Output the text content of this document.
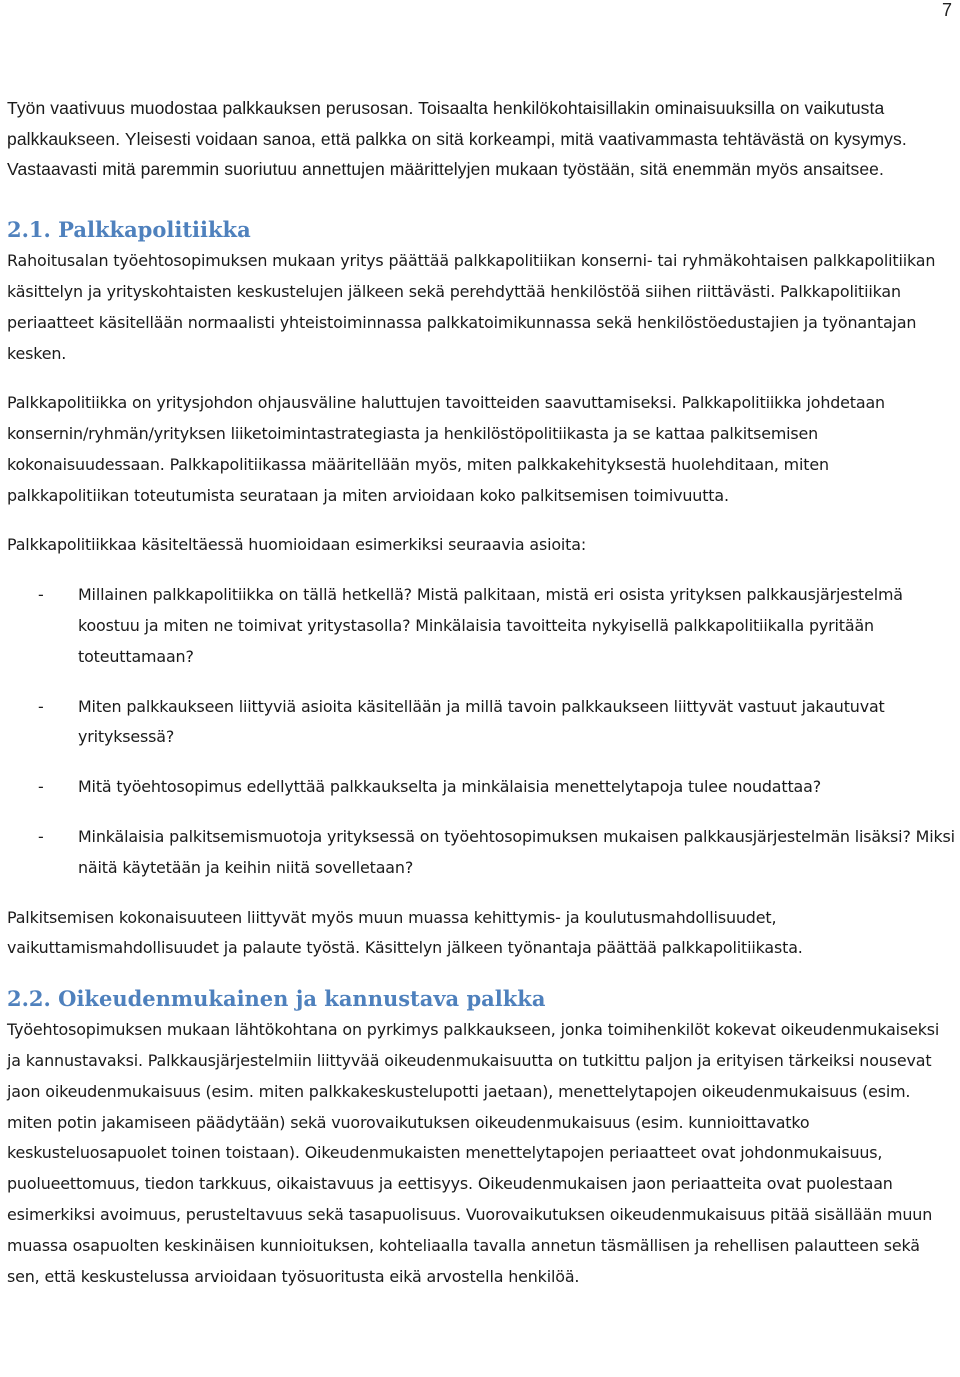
7

Työn vaativuus muodostaa palkkauksen perusosan. Toisaalta henkilökohtaisillakin ominaisuuksilla on vaikutusta palkkaukseen. Yleisesti voidaan sanoa, että palkka on sitä korkeampi, mitä vaativammasta tehtävästä on kysymys. Vastaavasti mitä paremmin suoriutuu annettujen määrittelyjen mukaan työstään, sitä enemmän myös ansaitsee.

2.1. Palkkapolitiikka

Rahoitusalan työehtosopimuksen mukaan yritys päättää palkkapolitiikan konserni- tai ryhmäkohtaisen palkkapolitiikan käsittelyn ja yrityskohtaisten keskustelujen jälkeen sekä perehdyttää henkilöstöä siihen riittävästi. Palkkapolitiikan periaatteet käsitellään normaalisti yhteistoiminnassa palkkatoimikunnassa sekä henkilöstöedustajien ja työnantajan kesken.

Palkkapolitiikka on yritysjohdon ohjausväline haluttujen tavoitteiden saavuttamiseksi. Palkkapolitiikka johdetaan konsernin/ryhmän/yrityksen liiketoimintastrategiasta ja henkilöstöpolitiikasta ja se kattaa palkitsemisen kokonaisuudessaan. Palkkapolitiikassa määritellään myös, miten palkkakehityksestä huolehditaan, miten palkkapolitiikan toteutumista seurataan ja miten arvioidaan koko palkitsemisen toimivuutta.

Palkkapolitiikkaa käsiteltäessä huomioidaan esimerkiksi seuraavia asioita:

- Millainen palkkapolitiikka on tällä hetkellä? Mistä palkitaan, mistä eri osista yrityksen palkkausjärjestelmä koostuu ja miten ne toimivat yritystasolla? Minkälaisia tavoitteita nykyisellä palkkapolitiikalla pyritään toteuttamaan?
- Miten palkkaukseen liittyviä asioita käsitellään ja millä tavoin palkkaukseen liittyvät vastuut jakautuvat yrityksessä?
- Mitä työehtosopimus edellyttää palkkaukselta ja minkälaisia menettelytapoja tulee noudattaa?
- Minkälaisia palkitsemismuotoja yrityksessä on työehtosopimuksen mukaisen palkkausjärjestelmän lisäksi? Miksi näitä käytetään ja keihin niitä sovelletaan?

Palkitsemisen kokonaisuuteen liittyvät myös muun muassa kehittymis- ja koulutusmahdollisuudet, vaikuttamismahdollisuudet ja palaute työstä. Käsittelyn jälkeen työnantaja päättää palkkapolitiikasta.

2.2. Oikeudenmukainen ja kannustava palkka

Työehtosopimuksen mukaan lähtökohtana on pyrkimys palkkaukseen, jonka toimihenkilöt kokevat oikeudenmukaiseksi ja kannustavaksi. Palkkausjärjestelmiin liittyvää oikeudenmukaisuutta on tutkittu paljon ja erityisen tärkeiksi nousevat jaon oikeudenmukaisuus (esim. miten palkkakeskustelupotti jaetaan), menettelytapojen oikeudenmukaisuus (esim. miten potin jakamiseen päädytään) sekä vuorovaikutuksen oikeudenmukaisuus (esim. kunnioittavatko keskusteluosapuolet toinen toistaan). Oikeudenmukaisten menettelytapojen periaatteet ovat johdonmukaisuus, puolueettomuus, tiedon tarkkuus, oikaistavuus ja eettisyys. Oikeudenmukaisen jaon periaatteita ovat puolestaan esimerkiksi avoimuus, perusteltavuus sekä tasapuolisuus. Vuorovaikutuksen oikeudenmukaisuus pitää sisällään muun muassa osapuolten keskinäisen kunnioituksen, kohteliaalla tavalla annetun täsmällisen ja rehellisen palautteen sekä sen, että keskustelussa arvioidaan työsuoritusta eikä arvostella henkilöä.
